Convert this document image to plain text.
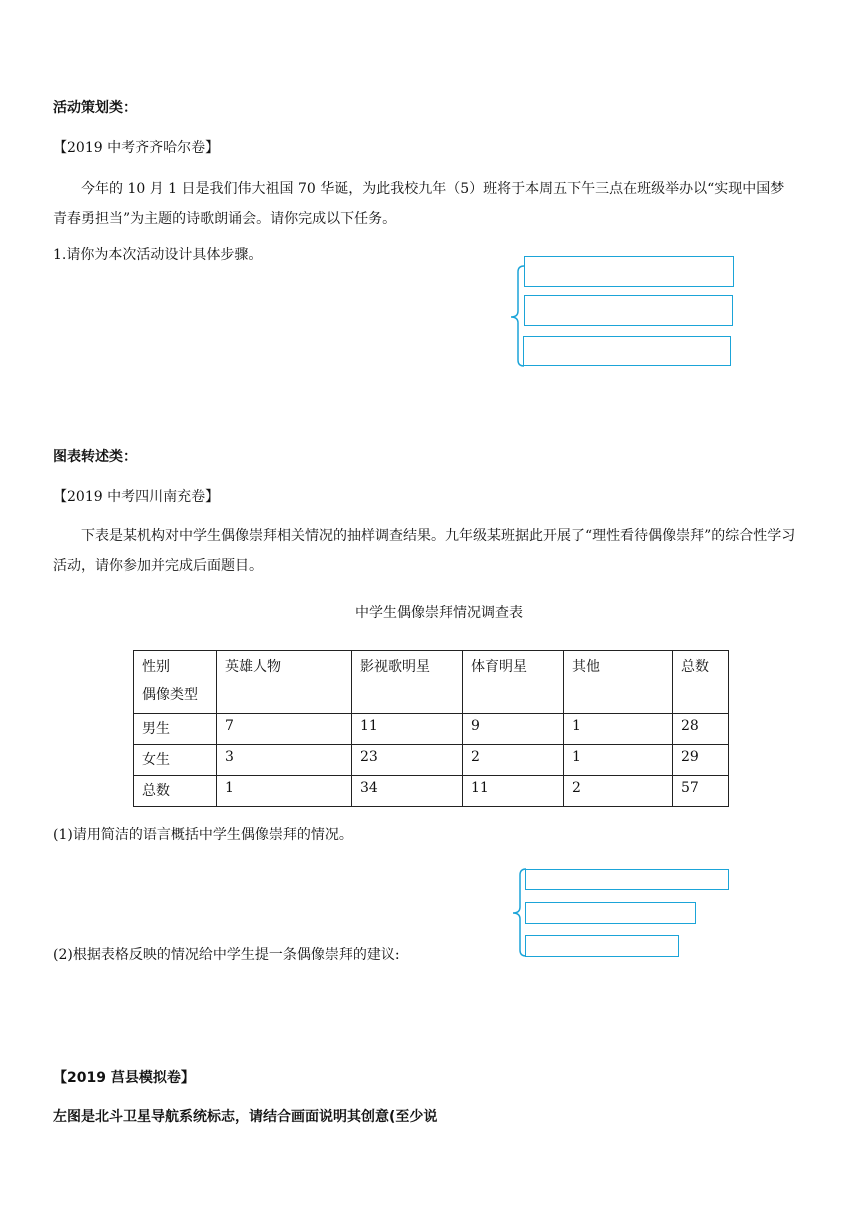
活动策划类：
【2019 中考齐齐哈尔卷】
今年的 10 月 1 日是我们伟大祖国 70 华诞，为此我校九年（5）班将于本周五下午三点在班级举办以“实现中国梦　青春勇担当”为主题的诗歌朗诵会。请你完成以下任务。
1.请你为本次活动设计具体步骤。
图表转述类：
【2019 中考四川南充卷】
下表是某机构对中学生偶像崇拜相关情况的抽样调查结果。九年级某班据此开展了“理性看待偶像崇拜”的综合性学习活动，请你参加并完成后面题目。
中学生偶像崇拜情况调查表
性别
偶像类型	英雄人物	影视歌明星	体育明星	其他	总数
男生	7	11	9	1	28
女生	3	23	2	1	29
总数	1	34	11	2	57
(1)请用简洁的语言概括中学生偶像崇拜的情况。
(2)根据表格反映的情况给中学生提一条偶像崇拜的建议:
【2019 莒县模拟卷】
左图是北斗卫星导航系统标志，请结合画面说明其创意(至少说
